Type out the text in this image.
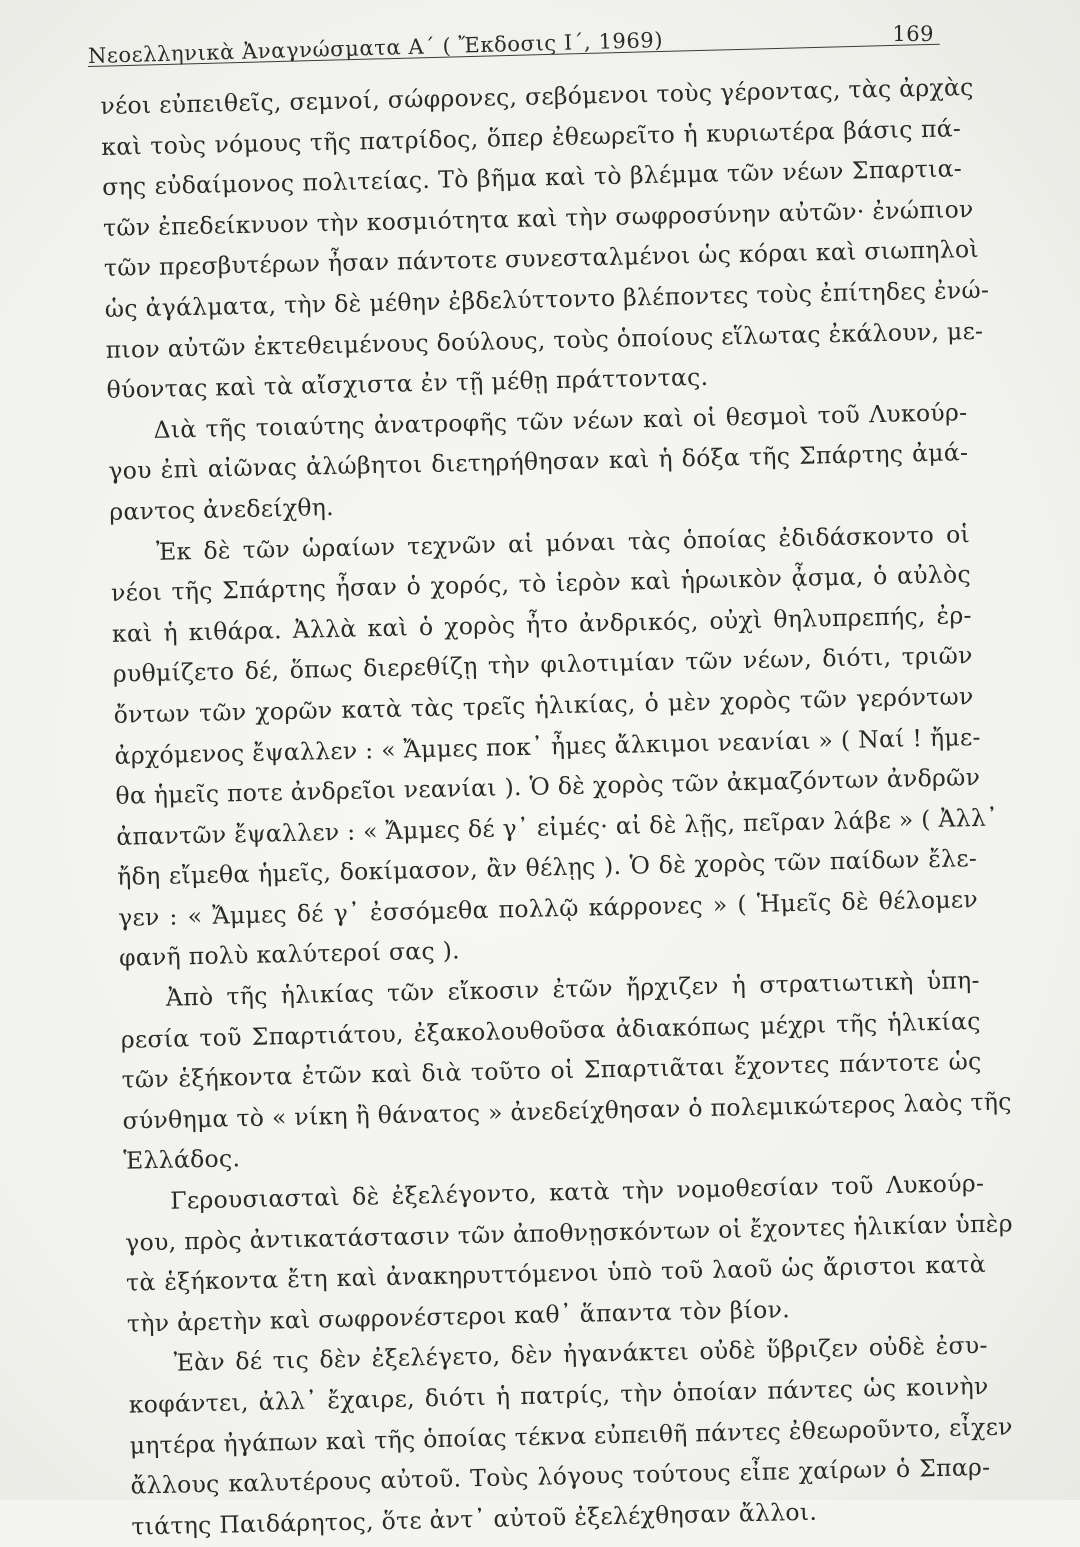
Νεοελληνικὰ Ἀναγνώσματα Α΄ ( Ἔκδοσις Ι΄, 1969)	169
νέοι εὐπειθεῖς, σεμνοί, σώφρονες, σεβόμενοι τοὺς γέροντας, τὰς ἀρχὰς
καὶ τοὺς νόμους τῆς πατρίδος, ὅπερ ἐθεωρεῖτο ἡ κυριωτέρα βάσις πά-
σης εὐδαίμονος πολιτείας. Τὸ βῆμα καὶ τὸ βλέμμα τῶν νέων Σπαρτια-
τῶν ἐπεδείκνυον τὴν κοσμιότητα καὶ τὴν σωφροσύνην αὐτῶν· ἐνώπιον
τῶν πρεσβυτέρων ἦσαν πάντοτε συνεσταλμένοι ὡς κόραι καὶ σιωπηλοὶ
ὡς ἀγάλματα, τὴν δὲ μέθην ἐβδελύττοντο βλέποντες τοὺς ἐπίτηδες ἐνώ-
πιον αὐτῶν ἐκτεθειμένους δούλους, τοὺς ὁποίους εἵλωτας ἐκάλουν, με-
θύοντας καὶ τὰ αἴσχιστα ἐν τῇ μέθῃ πράττοντας.
Διὰ τῆς τοιαύτης ἀνατροφῆς τῶν νέων καὶ οἱ θεσμοὶ τοῦ Λυκούρ-
γου ἐπὶ αἰῶνας ἀλώβητοι διετηρήθησαν καὶ ἡ δόξα τῆς Σπάρτης ἀμά-
ραντος ἀνεδείχθη.
Ἐκ δὲ τῶν ὡραίων τεχνῶν αἱ μόναι τὰς ὁποίας ἐδιδάσκοντο οἱ
νέοι τῆς Σπάρτης ἦσαν ὁ χορός, τὸ ἱερὸν καὶ ἡρωικὸν ᾆσμα, ὁ αὐλὸς
καὶ ἡ κιθάρα. Ἀλλὰ καὶ ὁ χορὸς ἦτο ἀνδρικός, οὐχὶ θηλυπρεπής, ἐρ-
ρυθμίζετο δέ, ὅπως διερεθίζῃ τὴν φιλοτιμίαν τῶν νέων, διότι, τριῶν
ὄντων τῶν χορῶν κατὰ τὰς τρεῖς ἡλικίας, ὁ μὲν χορὸς τῶν γερόντων
ἀρχόμενος ἔψαλλεν : « Ἄμμες ποκ᾽ ἦμες ἄλκιμοι νεανίαι » ( Ναί ! ἤμε-
θα ἡμεῖς ποτε ἀνδρεῖοι νεανίαι ). Ὁ δὲ χορὸς τῶν ἀκμαζόντων ἀνδρῶν
ἀπαντῶν ἔψαλλεν : « Ἄμμες δέ γ᾽ εἰμές· αἰ δὲ λῇς, πεῖραν λάβε » ( Ἀλλ᾽
ἤδη εἴμεθα ἡμεῖς, δοκίμασον, ἂν θέλῃς ). Ὁ δὲ χορὸς τῶν παίδων ἔλε-
γεν : « Ἄμμες δέ γ᾽ ἐσσόμεθα πολλῷ κάρρονες » ( Ἡμεῖς δὲ θέλομεν
φανῆ πολὺ καλύτεροί σας ).
Ἀπὸ τῆς ἡλικίας τῶν εἴκοσιν ἐτῶν ἤρχιζεν ἡ στρατιωτικὴ ὑπη-
ρεσία τοῦ Σπαρτιάτου, ἐξακολουθοῦσα ἀδιακόπως μέχρι τῆς ἡλικίας
τῶν ἑξήκοντα ἐτῶν καὶ διὰ τοῦτο οἱ Σπαρτιᾶται ἔχοντες πάντοτε ὡς
σύνθημα τὸ « νίκη ἢ θάνατος » ἀνεδείχθησαν ὁ πολεμικώτερος λαὸς τῆς
Ἑλλάδος.
Γερουσιασταὶ δὲ ἐξελέγοντο, κατὰ τὴν νομοθεσίαν τοῦ Λυκούρ-
γου, πρὸς ἀντικατάστασιν τῶν ἀποθνῃσκόντων οἱ ἔχοντες ἡλικίαν ὑπὲρ
τὰ ἑξήκοντα ἔτη καὶ ἀνακηρυττόμενοι ὑπὸ τοῦ λαοῦ ὡς ἄριστοι κατὰ
τὴν ἀρετὴν καὶ σωφρονέστεροι καθ᾽ ἅπαντα τὸν βίον.
Ἐὰν δέ τις δὲν ἐξελέγετο, δὲν ἠγανάκτει οὐδὲ ὕβριζεν οὐδὲ ἐσυ-
κοφάντει, ἀλλ᾽ ἔχαιρε, διότι ἡ πατρίς, τὴν ὁποίαν πάντες ὡς κοινὴν
μητέρα ἠγάπων καὶ τῆς ὁποίας τέκνα εὐπειθῆ πάντες ἐθεωροῦντο, εἶχεν
ἄλλους καλυτέρους αὐτοῦ. Τοὺς λόγους τούτους εἶπε χαίρων ὁ Σπαρ-
τιάτης Παιδάρητος, ὅτε ἀντ᾽ αὐτοῦ ἐξελέχθησαν ἄλλοι.
